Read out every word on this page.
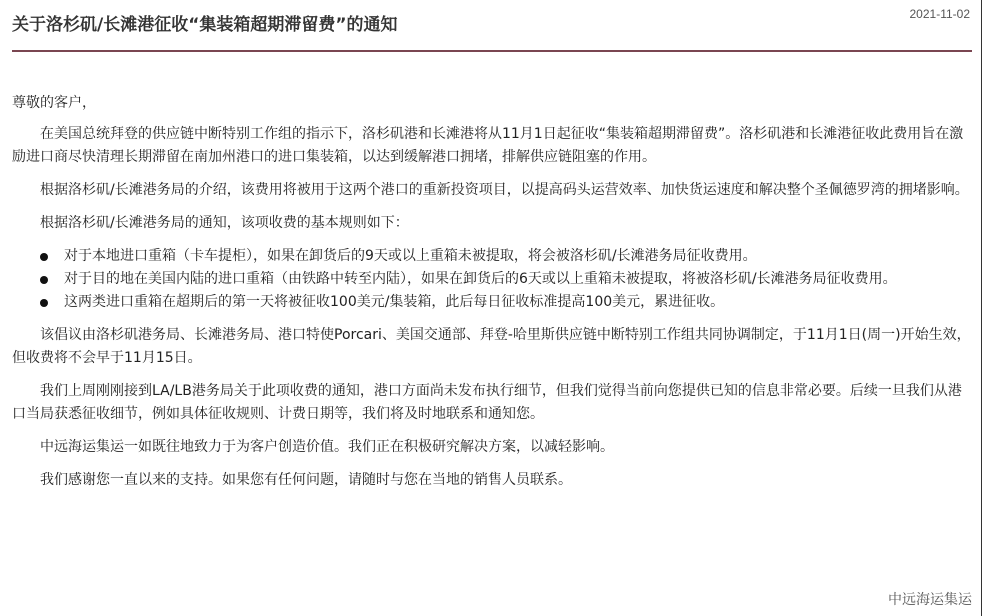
关于洛杉矶/长滩港征收“集装箱超期滞留费”的通知
2021-11-02

尊敬的客户，

在美国总统拜登的供应链中断特别工作组的指示下，洛杉矶港和长滩港将从11月1日起征收“集装箱超期滞留费”。洛杉矶港和长滩港征收此费用旨在激励进口商尽快清理长期滞留在南加州港口的进口集装箱，以达到缓解港口拥堵，排解供应链阻塞的作用。

根据洛杉矶/长滩港务局的介绍，该费用将被用于这两个港口的重新投资项目，以提高码头运营效率、加快货运速度和解决整个圣佩德罗湾的拥堵影响。

根据洛杉矶/长滩港务局的通知，该项收费的基本规则如下：

对于本地进口重箱（卡车提柜），如果在卸货后的9天或以上重箱未被提取，将会被洛杉矶/长滩港务局征收费用。
对于目的地在美国内陆的进口重箱（由铁路中转至内陆），如果在卸货后的6天或以上重箱未被提取，将被洛杉矶/长滩港务局征收费用。
这两类进口重箱在超期后的第一天将被征收100美元/集装箱，此后每日征收标准提高100美元，累进征收。

该倡议由洛杉矶港务局、长滩港务局、港口特使Porcari、美国交通部、拜登-哈里斯供应链中断特别工作组共同协调制定，于11月1日(周一)开始生效，但收费将不会早于11月15日。

我们上周刚刚接到LA/LB港务局关于此项收费的通知，港口方面尚未发布执行细节，但我们觉得当前向您提供已知的信息非常必要。后续一旦我们从港口当局获悉征收细节，例如具体征收规则、计费日期等，我们将及时地联系和通知您。

中远海运集运一如既往地致力于为客户创造价值。我们正在积极研究解决方案，以减轻影响。

我们感谢您一直以来的支持。如果您有任何问题，请随时与您在当地的销售人员联系。

中远海运集运
